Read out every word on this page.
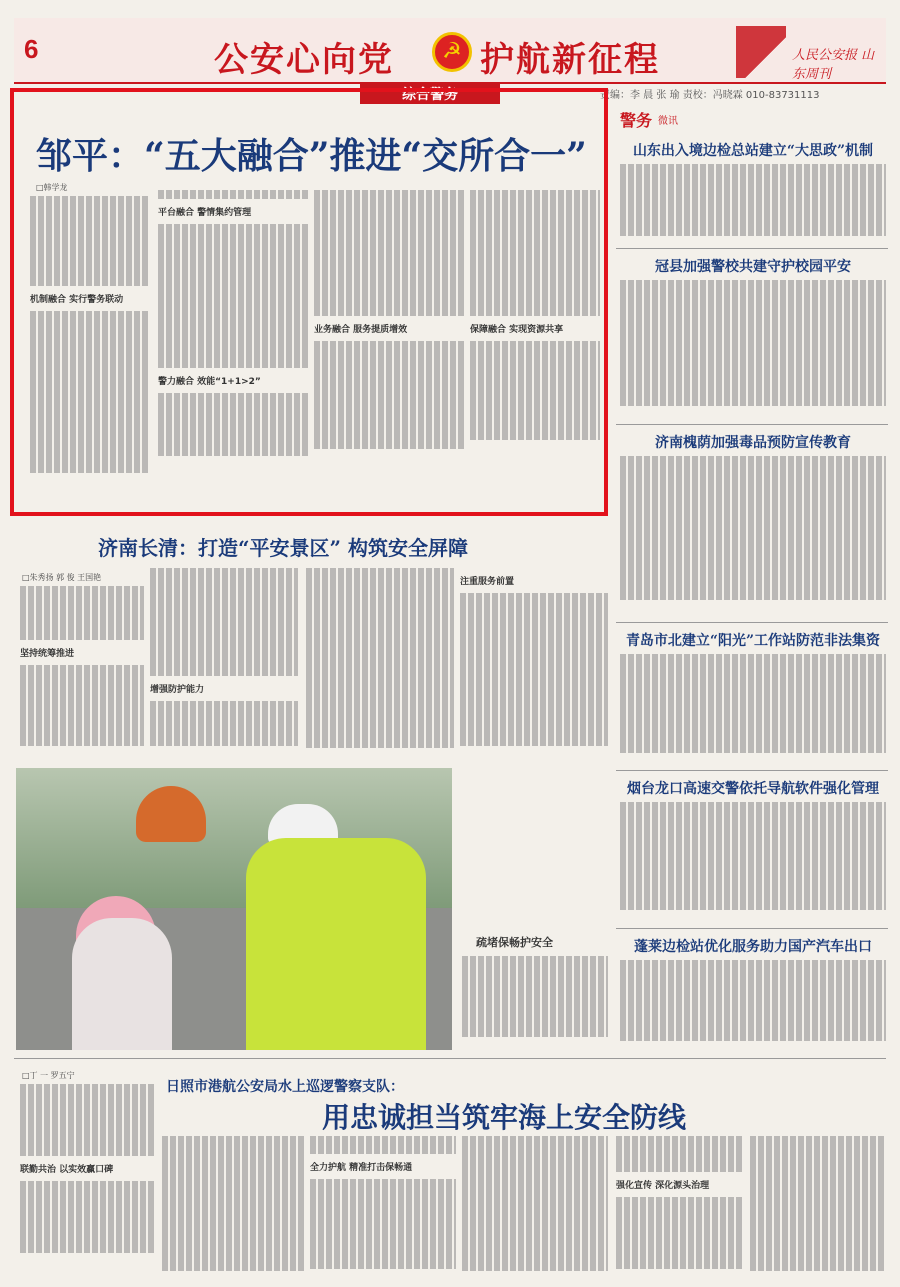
6	公安心向党	☭ 护航新征程	人民公安报 山东周刊
综合警务	责编：李 晨 张 瑜 责校：冯晓霖 010-83731113
邹平：“五大融合”推进“交所合一”
□韩学龙
机制融合 实行警务联动
平台融合 警情集约管理
警力融合 效能“1+1>2”
业务融合 服务提质增效	保障融合 实现资源共享
警务 微讯
山东出入境边检总站建立“大思政”机制
冠县加强警校共建守护校园平安
济南槐荫加强毒品预防宣传教育
青岛市北建立“阳光”工作站防范非法集资
烟台龙口高速交警依托导航软件强化管理
蓬莱边检站优化服务助力国产汽车出口
济南长清：打造“平安景区” 构筑安全屏障
□朱秀扬 郭 俊 王国艳
坚持统筹推进
增强防护能力
注重服务前置
疏堵保畅护安全
□丁 一 罗五宁
日照市港航公安局水上巡逻警察支队：
用忠诚担当筑牢海上安全防线
联勤共治 以实效赢口碑	全力护航 精准打击保畅通
强化宣传 深化源头治理
